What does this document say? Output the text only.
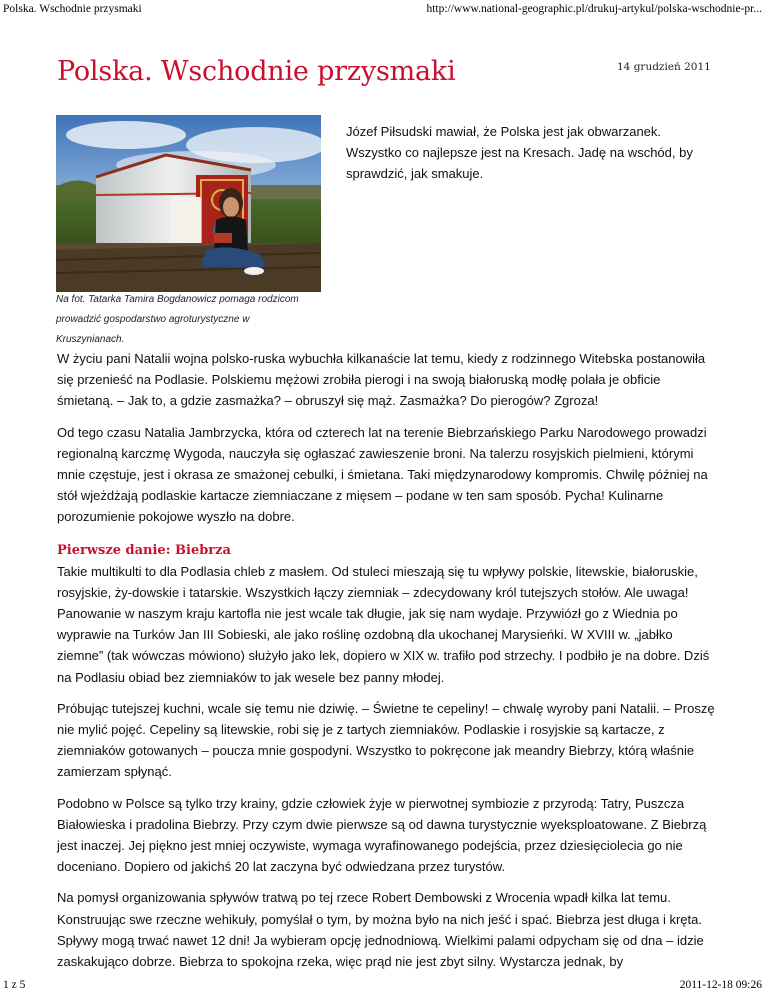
Polska. Wschodnie przysmaki	http://www.national-geographic.pl/drukuj-artykul/polska-wschodnie-pr...
Polska. Wschodnie przysmaki	14 grudzień 2011
Na fot. Tatarka Tamira Bogdanowicz pomaga rodzicom prowadzić gospodarstwo agroturystyczne w Kruszynianach.
Józef Piłsudski mawiał, że Polska jest jak obwarzanek. Wszystko co najlepsze jest na Kresach. Jadę na wschód, by sprawdzić, jak smakuje.

W życiu pani Natalii wojna polsko-ruska wybuchła kilkanaście lat temu, kiedy z rodzinnego Witebska postanowiła się przenieść na Podlasie. Polskiemu mężowi zrobiła pierogi i na swoją białoruską modłę polała je obficie śmietaną. – Jak to, a gdzie zasmażka? – obruszył się mąż. Zasmażka? Do pierogów? Zgroza!

Od tego czasu Natalia Jambrzycka, która od czterech lat na terenie Biebrzańskiego Parku Narodowego prowadzi regionalną karczmę Wygoda, nauczyła się ogłaszać zawieszenie broni. Na talerzu rosyjskich pielmieni, którymi mnie częstuje, jest i okrasa ze smażonej cebulki, i śmietana. Taki międzynarodowy kompromis. Chwilę później na stół wjeżdżają podlaskie kartacze ziemniaczane z mięsem – podane w ten sam sposób. Pycha! Kulinarne porozumienie pokojowe wyszło na dobre.

Pierwsze danie: Biebrza

Takie multikulti to dla Podlasia chleb z masłem. Od stuleci mieszają się tu wpływy polskie, litewskie, białoruskie, rosyjskie, ży-dowskie i tatarskie. Wszystkich łączy ziemniak – zdecydowany król tutejszych stołów. Ale uwaga! Panowanie w naszym kraju kartofla nie jest wcale tak długie, jak się nam wydaje. Przywiózł go z Wiednia po wyprawie na Turków Jan III Sobieski, ale jako roślinę ozdobną dla ukochanej Marysieńki. W XVIII w. „jabłko ziemne” (tak wówczas mówiono) służyło jako lek, dopiero w XIX w. trafiło pod strzechy. I podbiło je na dobre. Dziś na Podlasiu obiad bez ziemniaków to jak wesele bez panny młodej.

Próbując tutejszej kuchni, wcale się temu nie dziwię. – Świetne te cepeliny! – chwalę wyroby pani Natalii. – Proszę nie mylić pojęć. Cepeliny są litewskie, robi się je z tartych ziemniaków. Podlaskie i rosyjskie są kartacze, z ziemniaków gotowanych – poucza mnie gospodyni. Wszystko to pokręcone jak meandry Biebrzy, którą właśnie zamierzam spłynąć.

Podobno w Polsce są tylko trzy krainy, gdzie człowiek żyje w pierwotnej symbiozie z przyrodą: Tatry, Puszcza Białowieska i pradolina Biebrzy. Przy czym dwie pierwsze są od dawna turystycznie wyeksploatowane. Z Biebrzą jest inaczej. Jej piękno jest mniej oczywiste, wymaga wyrafinowanego podejścia, przez dziesięciolecia go nie doceniano. Dopiero od jakichś 20 lat zaczyna być odwiedzana przez turystów.

Na pomysł organizowania spływów tratwą po tej rzece Robert Dembowski z Wrocenia wpadł kilka lat temu. Konstruując swe rzeczne wehikuły, pomyślał o tym, by można było na nich jeść i spać. Biebrza jest długa i kręta. Spływy mogą trwać nawet 12 dni! Ja wybieram opcję jednodniową. Wielkimi palami odpycham się od dna – idzie zaskakująco dobrze. Biebrza to spokojna rzeka, więc prąd nie jest zbyt silny. Wystarcza jednak, by

1 z 5	2011-12-18 09:26
